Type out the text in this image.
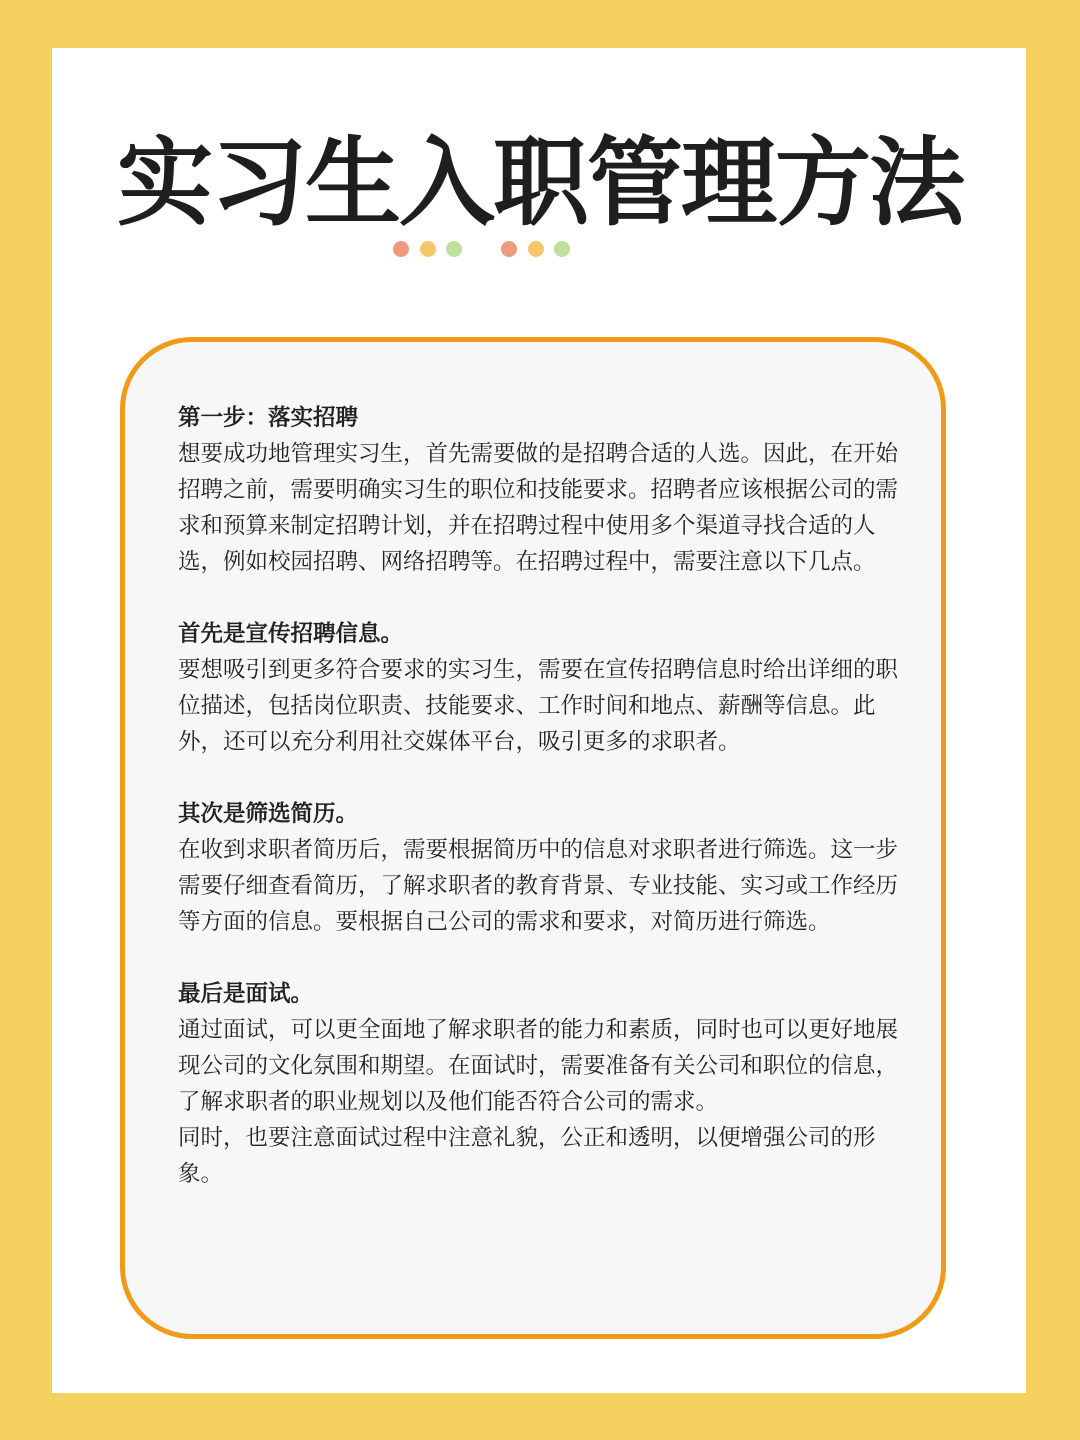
实习生入职管理方法
第一步：落实招聘

想要成功地管理实习生，首先需要做的是招聘合适的人选。因此，在开始招聘之前，需要明确实习生的职位和技能要求。招聘者应该根据公司的需求和预算来制定招聘计划，并在招聘过程中使用多个渠道寻找合适的人选，例如校园招聘、网络招聘等。在招聘过程中，需要注意以下几点。

首先是宣传招聘信息。

要想吸引到更多符合要求的实习生，需要在宣传招聘信息时给出详细的职位描述，包括岗位职责、技能要求、工作时间和地点、薪酬等信息。此外，还可以充分利用社交媒体平台，吸引更多的求职者。

其次是筛选简历。

在收到求职者简历后，需要根据简历中的信息对求职者进行筛选。这一步需要仔细查看简历，了解求职者的教育背景、专业技能、实习或工作经历等方面的信息。要根据自己公司的需求和要求，对简历进行筛选。

最后是面试。

通过面试，可以更全面地了解求职者的能力和素质，同时也可以更好地展现公司的文化氛围和期望。在面试时，需要准备有关公司和职位的信息，了解求职者的职业规划以及他们能否符合公司的需求。

同时，也要注意面试过程中注意礼貌，公正和透明，以便增强公司的形象。
